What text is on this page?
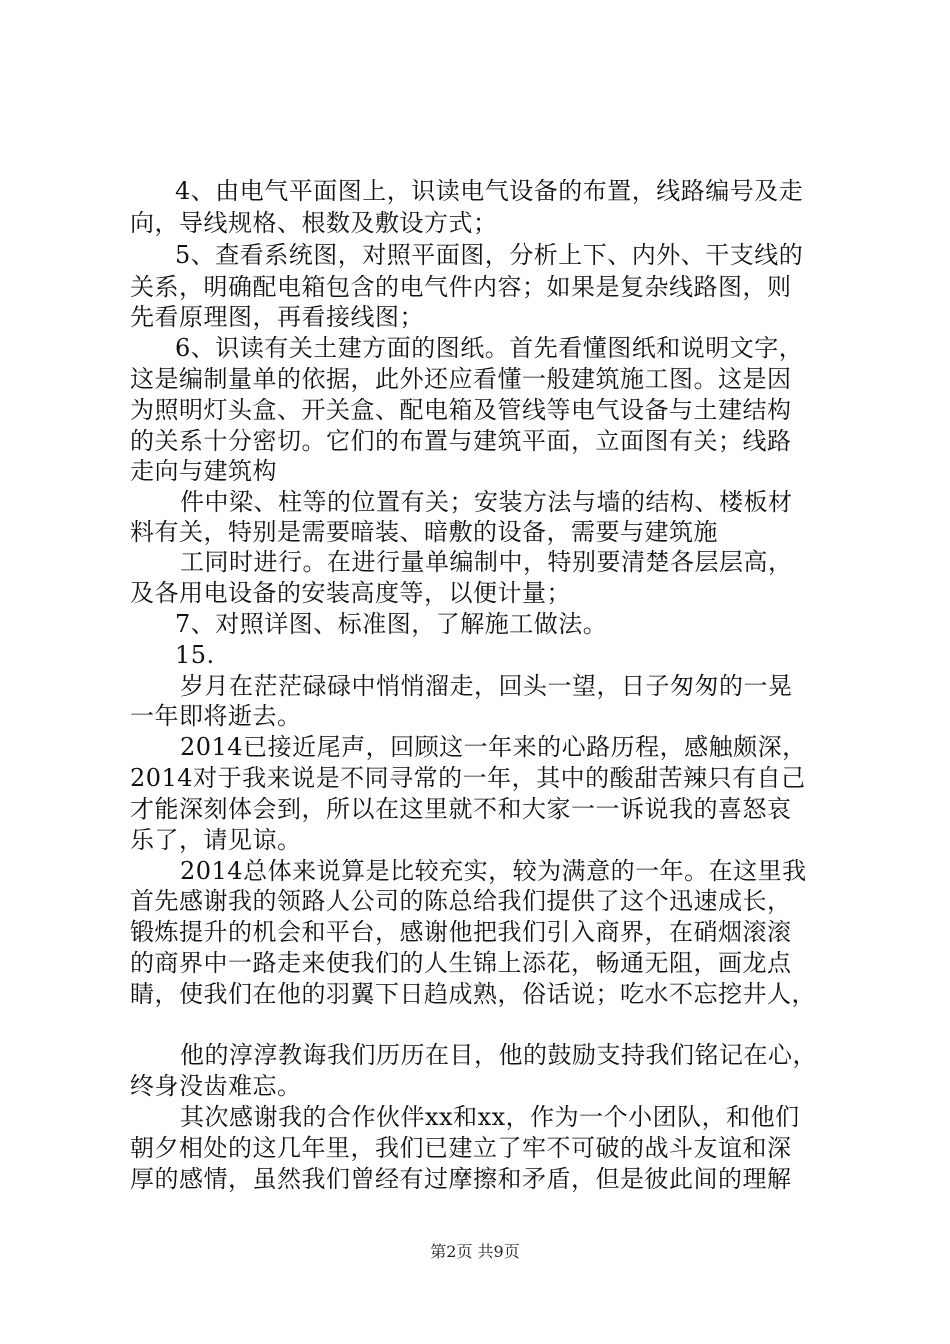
4、由电气平面图上，识读电气设备的布置，线路编号及走
向，导线规格、根数及敷设方式；
5、查看系统图，对照平面图，分析上下、内外、干支线的
关系，明确配电箱包含的电气件内容；如果是复杂线路图，则
先看原理图，再看接线图；
6、识读有关土建方面的图纸。首先看懂图纸和说明文字，
这是编制量单的依据，此外还应看懂一般建筑施工图。这是因
为照明灯头盒、开关盒、配电箱及管线等电气设备与土建结构
的关系十分密切。它们的布置与建筑平面，立面图有关；线路
走向与建筑构
件中梁、柱等的位置有关；安装方法与墙的结构、楼板材
料有关，特别是需要暗装、暗敷的设备，需要与建筑施
工同时进行。在进行量单编制中，特别要清楚各层层高，
及各用电设备的安装高度等，以便计量；
7、对照详图、标准图，了解施工做法。
15.
岁月在茫茫碌碌中悄悄溜走，回头一望，日子匆匆的一晃
一年即将逝去。
2014已接近尾声，回顾这一年来的心路历程，感触颇深，
2014对于我来说是不同寻常的一年，其中的酸甜苦辣只有自己
才能深刻体会到，所以在这里就不和大家一一诉说我的喜怒哀
乐了，请见谅。
2014总体来说算是比较充实，较为满意的一年。在这里我
首先感谢我的领路人公司的陈总给我们提供了这个迅速成长，
锻炼提升的机会和平台，感谢他把我们引入商界，在硝烟滚滚
的商界中一路走来使我们的人生锦上添花，畅通无阻，画龙点
睛，使我们在他的羽翼下日趋成熟，俗话说；吃水不忘挖井人，
他的淳淳教诲我们历历在目，他的鼓励支持我们铭记在心，
终身没齿难忘。
其次感谢我的合作伙伴xx和xx，作为一个小团队，和他们
朝夕相处的这几年里，我们已建立了牢不可破的战斗友谊和深
厚的感情，虽然我们曾经有过摩擦和矛盾，但是彼此间的理解
第2页 共9页
